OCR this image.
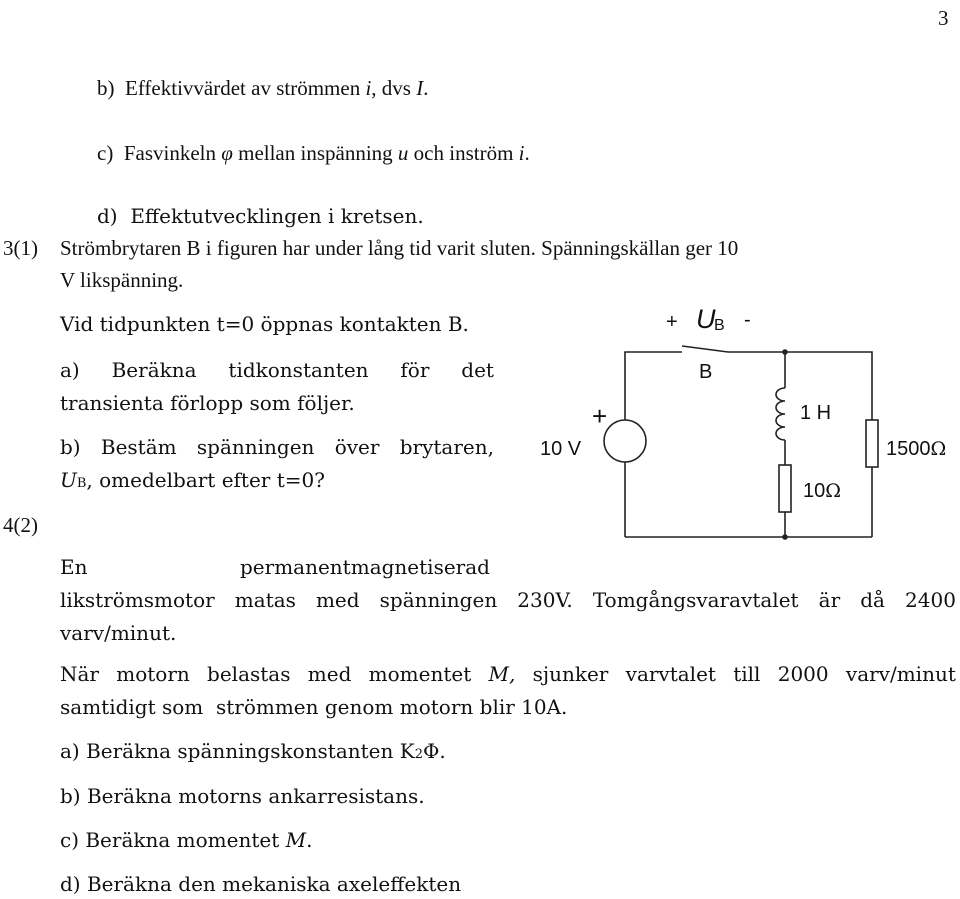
3
b)  Effektivvärdet av strömmen i, dvs I.
c)  Fasvinkeln φ mellan inspänning u och inström i.
d)  Effektutvecklingen i kretsen.
3(1) Strömbrytaren B i figuren har under lång tid varit sluten. Spänningskällan ger 10
V likspänning.
Vid tidpunkten t=0 öppnas kontakten B.
a) Beräkna tidkonstanten för det
transienta förlopp som följer.
b) Bestäm spänningen över brytaren,
UB, omedelbart efter t=0?
+ U
B -
B
+
10 V
1 H
10Ω
1500Ω
4(2)
En	permanentmagnetiserad
likströmsmotor matas med spänningen 230V. Tomgångsvaravtalet är då 2400
varv/minut.
När motorn belastas med momentet M, sjunker varvtalet till 2000 varv/minut
samtidigt som  strömmen genom motorn blir 10A.
a) Beräkna spänningskonstanten K2Φ.
b) Beräkna motorns ankarresistans.
c) Beräkna momentet M.
d) Beräkna den mekaniska axeleffekten
